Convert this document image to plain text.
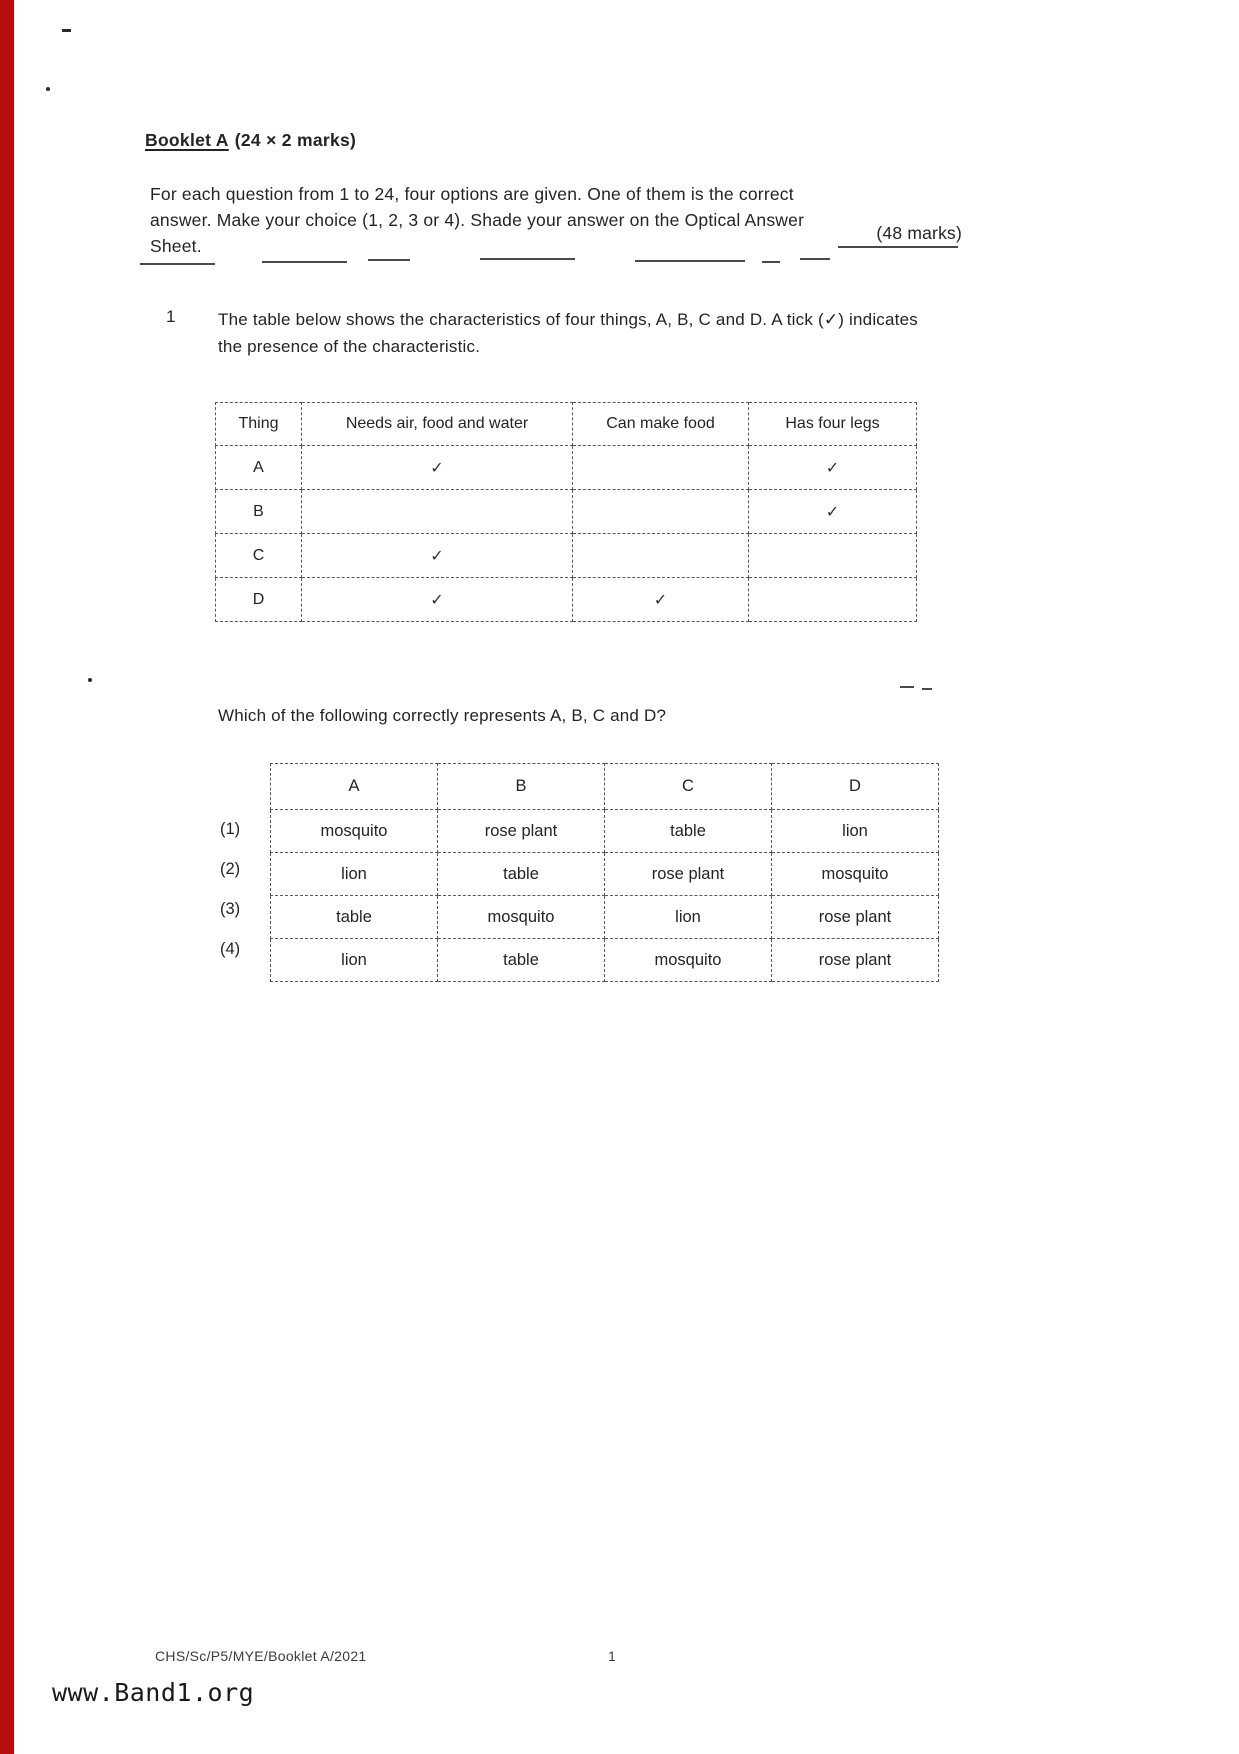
Booklet A (24 × 2 marks)
For each question from 1 to 24, four options are given. One of them is the correct
answer. Make your choice (1, 2, 3 or 4). Shade your answer on the Optical Answer
Sheet.
(48 marks)
1	The table below shows the characteristics of four things, A, B, C and D. A tick (✓) indicates the presence of the characteristic.
Thing	Needs air, food and water	Can make food	Has four legs
A	✓		✓
B			✓
C	✓		
D	✓	✓	
Which of the following correctly represents A, B, C and D?
(1)
(2)
(3)
(4)
A	B	C	D
mosquito	rose plant	table	lion
lion	table	rose plant	mosquito
table	mosquito	lion	rose plant
lion	table	mosquito	rose plant
CHS/Sc/P5/MYE/Booklet A/2021	1
www.Band1.org
